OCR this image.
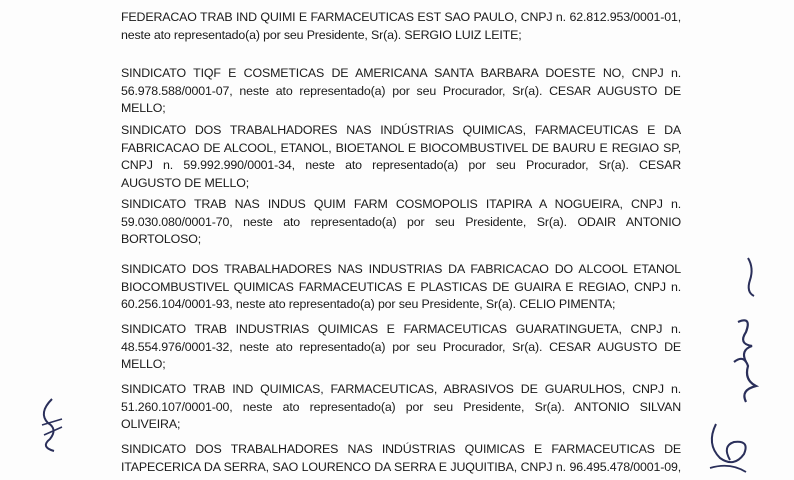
FEDERACAO TRAB IND QUIMI E FARMACEUTICAS EST SAO PAULO, CNPJ n. 62.812.953/0001-01,
neste ato representado(a) por seu Presidente, Sr(a). SERGIO LUIZ LEITE;
SINDICATO TIQF E COSMETICAS DE AMERICANA SANTA BARBARA DOESTE NO, CNPJ n.
56.978.588/0001-07, neste ato representado(a) por seu Procurador, Sr(a). CESAR AUGUSTO DE
MELLO;
SINDICATO DOS TRABALHADORES NAS INDÚSTRIAS QUIMICAS, FARMACEUTICAS E DA
FABRICACAO DE ALCOOL, ETANOL, BIOETANOL E BIOCOMBUSTIVEL DE BAURU E REGIAO SP,
CNPJ n. 59.992.990/0001-34, neste ato representado(a) por seu Procurador, Sr(a). CESAR
AUGUSTO DE MELLO;
SINDICATO TRAB NAS INDUS QUIM FARM COSMOPOLIS ITAPIRA A NOGUEIRA, CNPJ n.
59.030.080/0001-70, neste ato representado(a) por seu Presidente, Sr(a). ODAIR ANTONIO
BORTOLOSO;
SINDICATO DOS TRABALHADORES NAS INDUSTRIAS DA FABRICACAO DO ALCOOL ETANOL
BIOCOMBUSTIVEL QUIMICAS FARMACEUTICAS E PLASTICAS DE GUAIRA E REGIAO, CNPJ n.
60.256.104/0001-93, neste ato representado(a) por seu Presidente, Sr(a). CELIO PIMENTA;
SINDICATO TRAB INDUSTRIAS QUIMICAS E FARMACEUTICAS GUARATINGUETA, CNPJ n.
48.554.976/0001-32, neste ato representado(a) por seu Procurador, Sr(a). CESAR AUGUSTO DE
MELLO;
SINDICATO TRAB IND QUIMICAS, FARMACEUTICAS, ABRASIVOS DE GUARULHOS, CNPJ n.
51.260.107/0001-00, neste ato representado(a) por seu Presidente, Sr(a). ANTONIO SILVAN
OLIVEIRA;
SINDICATO DOS TRABALHADORES NAS INDÚSTRIAS QUIMICAS E FARMACEUTICAS DE
ITAPECERICA DA SERRA, SAO LOURENCO DA SERRA E JUQUITIBA, CNPJ n. 96.495.478/0001-09,
